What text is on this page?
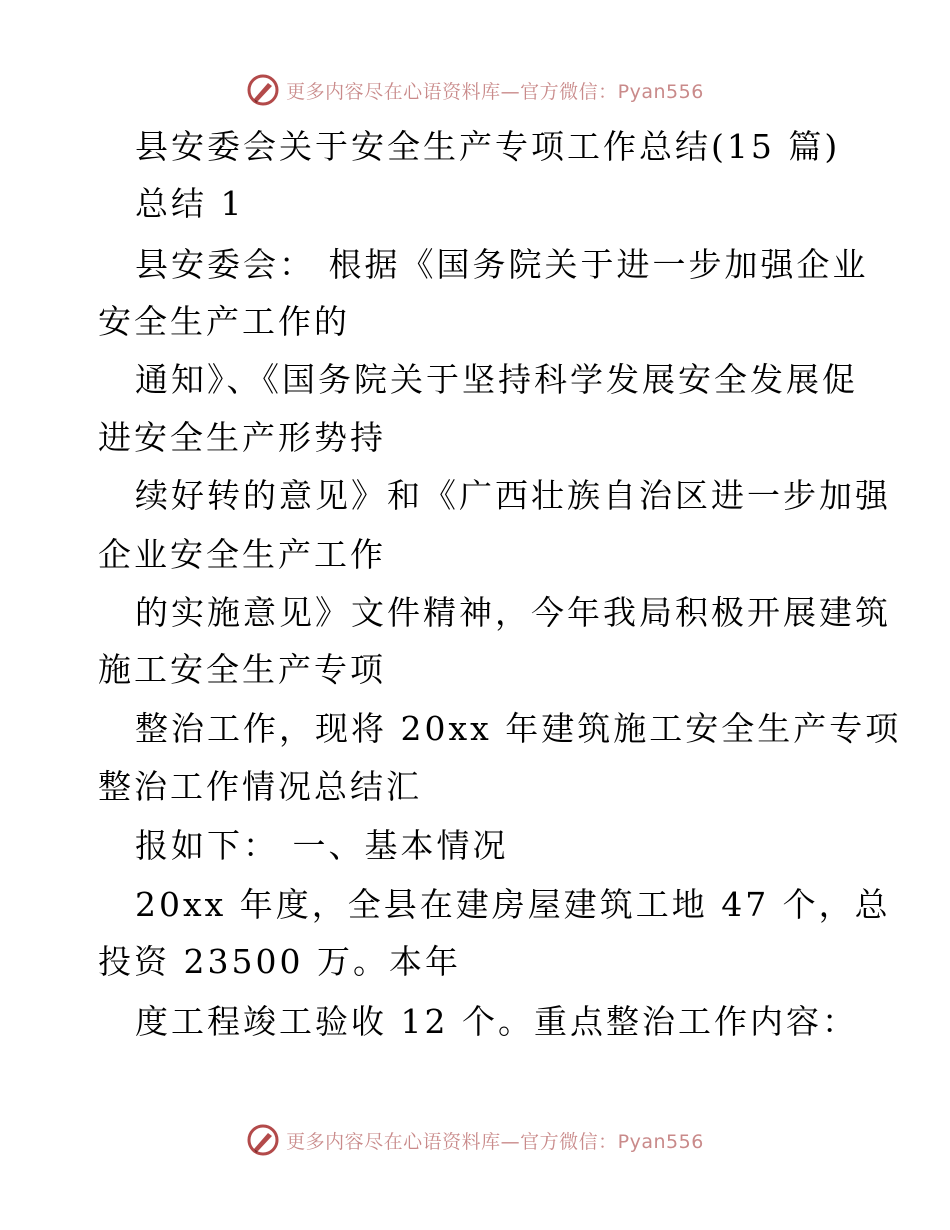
更多内容尽在心语资料库—官方微信：Pyan556
县安委会关于安全生产专项工作总结(15 篇)
总结 1
县安委会： 根据《国务院关于进一步加强企业
安全生产工作的
通知》、《国务院关于坚持科学发展安全发展促
进安全生产形势持
续好转的意见》和《广西壮族自治区进一步加强
企业安全生产工作
的实施意见》文件精神，今年我局积极开展建筑
施工安全生产专项
整治工作，现将 20xx 年建筑施工安全生产专项
整治工作情况总结汇
报如下： 一、基本情况
20xx 年度，全县在建房屋建筑工地 47 个，总
投资 23500 万。本年
度工程竣工验收 12 个。重点整治工作内容：
更多内容尽在心语资料库—官方微信：Pyan556
